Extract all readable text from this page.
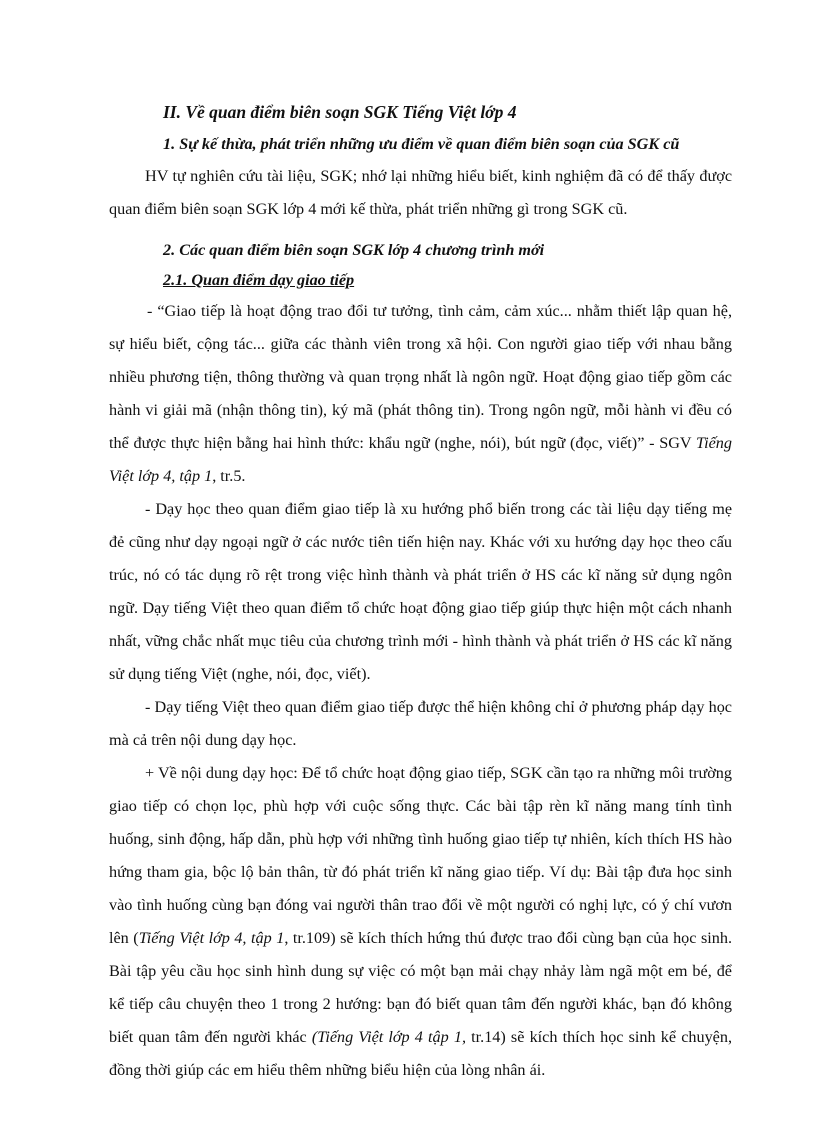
II. Về quan điểm biên soạn SGK Tiếng Việt lớp 4

1. Sự kế thừa, phát triển những ưu điểm về quan điểm biên soạn của SGK cũ

HV tự nghiên cứu tài liệu, SGK; nhớ lại những hiểu biết, kinh nghiệm đã có để thấy được quan điểm biên soạn SGK lớp 4 mới kế thừa, phát triển những gì trong SGK cũ.

2. Các quan điểm biên soạn SGK lớp 4 chương trình mới

2.1. Quan điểm dạy giao tiếp

- “Giao tiếp là hoạt động trao đổi tư tưởng, tình cảm, cảm xúc... nhằm thiết lập quan hệ, sự hiểu biết, cộng tác... giữa các thành viên trong xã hội. Con người giao tiếp với nhau bằng nhiều phương tiện, thông thường và quan trọng nhất là ngôn ngữ. Hoạt động giao tiếp gồm các hành vi giải mã (nhận thông tin), ký mã (phát thông tin). Trong ngôn ngữ, mỗi hành vi đều có thể được thực hiện bằng hai hình thức: khẩu ngữ (nghe, nói), bút ngữ (đọc, viết)” - SGV Tiếng Việt lớp 4, tập 1, tr.5.

- Dạy học theo quan điểm giao tiếp là xu hướng phổ biến trong các tài liệu dạy tiếng mẹ đẻ cũng như dạy ngoại ngữ ở các nước tiên tiến hiện nay. Khác với xu hướng dạy học theo cấu trúc, nó có tác dụng rõ rệt trong việc hình thành và phát triển ở HS các kĩ năng sử dụng ngôn ngữ. Dạy tiếng Việt theo quan điểm tổ chức hoạt động giao tiếp giúp thực hiện một cách nhanh nhất, vững chắc nhất mục tiêu của chương trình mới - hình thành và phát triển ở HS các kĩ năng sử dụng tiếng Việt (nghe, nói, đọc, viết).

- Dạy tiếng Việt theo quan điểm giao tiếp được thể hiện không chỉ ở phương pháp dạy học mà cả trên nội dung dạy học.

+ Về nội dung dạy học: Để tổ chức hoạt động giao tiếp, SGK cần tạo ra những môi trường giao tiếp có chọn lọc, phù hợp với cuộc sống thực. Các bài tập rèn kĩ năng mang tính tình huống, sinh động, hấp dẫn, phù hợp với những tình huống giao tiếp tự nhiên, kích thích HS hào hứng tham gia, bộc lộ bản thân, từ đó phát triển kĩ năng giao tiếp. Ví dụ: Bài tập đưa học sinh vào tình huống cùng bạn đóng vai người thân trao đổi về một người có nghị lực, có ý chí vươn lên (Tiếng Việt lớp 4, tập 1, tr.109) sẽ kích thích hứng thú được trao đổi cùng bạn của học sinh. Bài tập yêu cầu học sinh hình dung sự việc có một bạn mải chạy nhảy làm ngã một em bé, để kể tiếp câu chuyện theo 1 trong 2 hướng: bạn đó biết quan tâm đến người khác, bạn đó không biết quan tâm đến người khác (Tiếng Việt lớp 4 tập 1, tr.14) sẽ kích thích học sinh kể chuyện, đồng thời giúp các em hiểu thêm những biểu hiện của lòng nhân ái.
